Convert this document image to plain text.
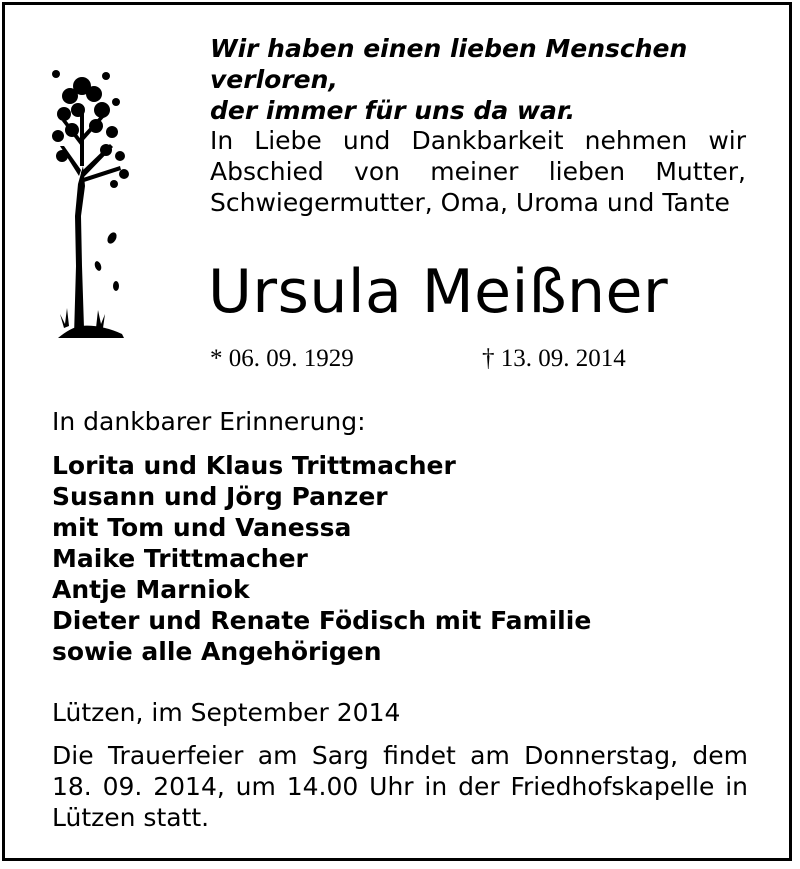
Wir haben einen lieben Menschen verloren,
der immer für uns da war.
In Liebe und Dankbarkeit nehmen wir
Abschied von meiner lieben Mutter,
Schwiegermutter, Oma, Uroma und Tante
Ursula Meißner
* 06. 09. 1929	† 13. 09. 2014
In dankbarer Erinnerung:
Lorita und Klaus Trittmacher
Susann und Jörg Panzer
mit Tom und Vanessa
Maike Trittmacher
Antje Marniok
Dieter und Renate Födisch mit Familie
sowie alle Angehörigen
Lützen, im September 2014
Die Trauerfeier am Sarg findet am Donnerstag, dem
18. 09. 2014, um 14.00 Uhr in der Friedhofskapelle in
Lützen statt.
